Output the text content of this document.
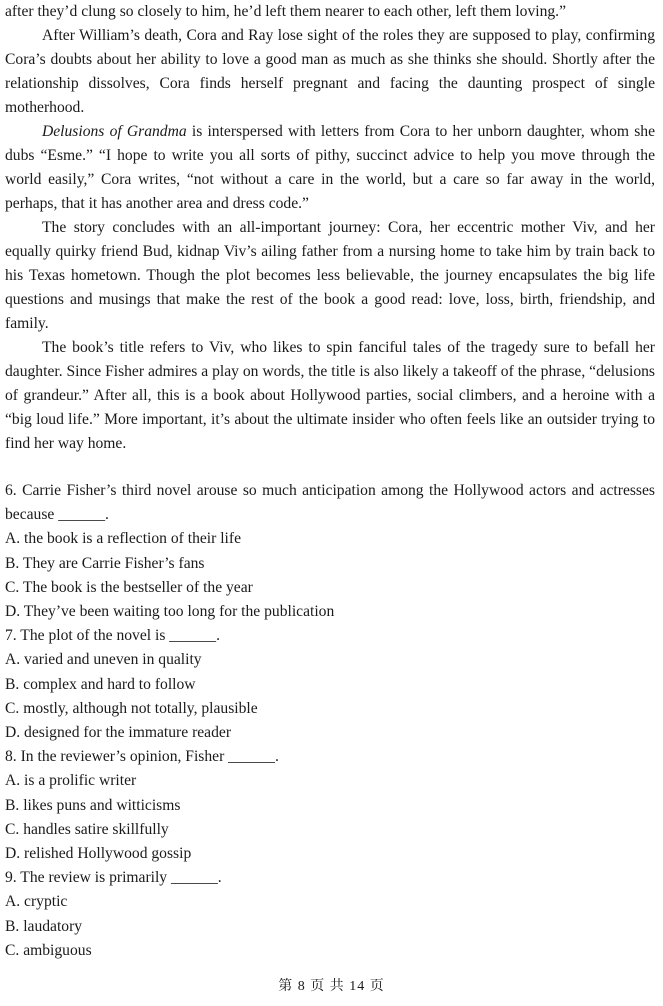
after they’d clung so closely to him, he’d left them nearer to each other, left them loving.”

After William’s death, Cora and Ray lose sight of the roles they are supposed to play, confirming Cora’s doubts about her ability to love a good man as much as she thinks she should. Shortly after the relationship dissolves, Cora finds herself pregnant and facing the daunting prospect of single motherhood.

Delusions of Grandma is interspersed with letters from Cora to her unborn daughter, whom she dubs “Esme.” “I hope to write you all sorts of pithy, succinct advice to help you move through the world easily,” Cora writes, “not without a care in the world, but a care so far away in the world, perhaps, that it has another area and dress code.”

The story concludes with an all-important journey: Cora, her eccentric mother Viv, and her equally quirky friend Bud, kidnap Viv’s ailing father from a nursing home to take him by train back to his Texas hometown. Though the plot becomes less believable, the journey encapsulates the big life questions and musings that make the rest of the book a good read: love, loss, birth, friendship, and family.

The book’s title refers to Viv, who likes to spin fanciful tales of the tragedy sure to befall her daughter. Since Fisher admires a play on words, the title is also likely a takeoff of the phrase, “delusions of grandeur.” After all, this is a book about Hollywood parties, social climbers, and a heroine with a “big loud life.” More important, it’s about the ultimate insider who often feels like an outsider trying to find her way home.

6. Carrie Fisher’s third novel arouse so much anticipation among the Hollywood actors and actresses because ______.
A. the book is a reflection of their life
B. They are Carrie Fisher’s fans
C. The book is the bestseller of the year
D. They’ve been waiting too long for the publication
7. The plot of the novel is ______.
A. varied and uneven in quality
B. complex and hard to follow
C. mostly, although not totally, plausible
D. designed for the immature reader
8. In the reviewer’s opinion, Fisher ______.
A. is a prolific writer
B. likes puns and witticisms
C. handles satire skillfully
D. relished Hollywood gossip
9. The review is primarily ______.
A. cryptic
B. laudatory
C. ambiguous
第 8 页 共 14 页
